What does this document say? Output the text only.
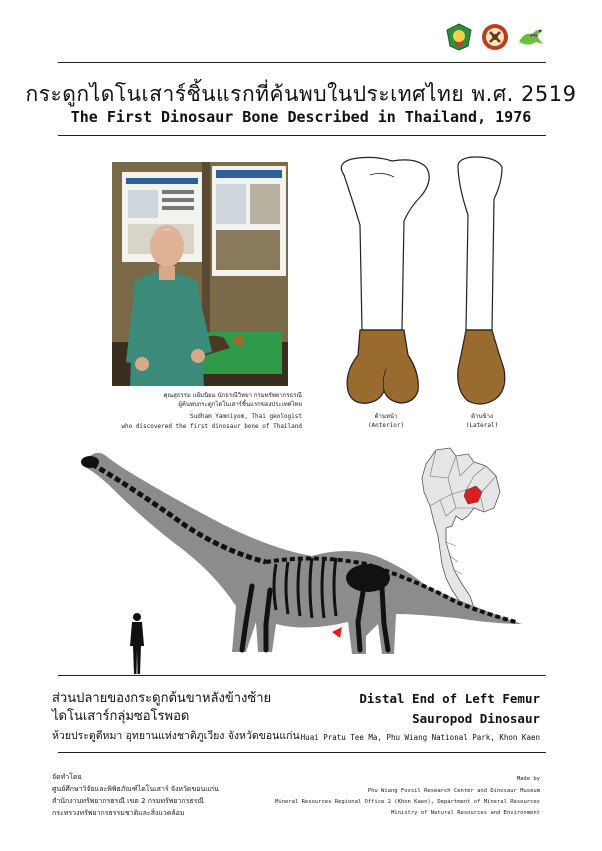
กระดูกไดโนเสาร์ชิ้นแรกที่ค้นพบในประเทศไทย พ.ศ. 2519
The First Dinosaur Bone Described in Thailand, 1976
คุณสุธรรม แย้มนิยม นักธรณีวิทยา กรมทรัพยากรธรณี
ผู้ค้นพบกระดูกไดโนเสาร์ชิ้นแรกของประเทศไทย
Sudham Yamniyom, Thai geologist
who discovered the first dinosaur bone of Thailand
ด้านหน้า
(Anterior)
ด้านข้าง
(Lateral)
ส่วนปลายของกระดูกต้นขาหลังข้างซ้าย
ไดโนเสาร์กลุ่มซอโรพอด
ห้วยประตูตีหมา อุทยานแห่งชาติภูเวียง จังหวัดขอนแก่น
Distal End of Left Femur
Sauropod Dinosaur
Huai Pratu Tee Ma, Phu Wiang National Park, Khon Kaen
จัดทำโดย
ศูนย์ศึกษาวิจัยและพิพิธภัณฑ์ไดโนเสาร์ จังหวัดขอนแก่น
สำนักงานทรัพยากรธรณี เขต 2 กรมทรัพยากรธรณี
กระทรวงทรัพยากรธรรมชาติและสิ่งแวดล้อม
Made by
Phu Wiang Fossil Research Center and Dinosaur Museum
Mineral Resources Regional Office 2 (Khon Kaen), Department of Mineral Resources
Ministry of Natural Resources and Environment
